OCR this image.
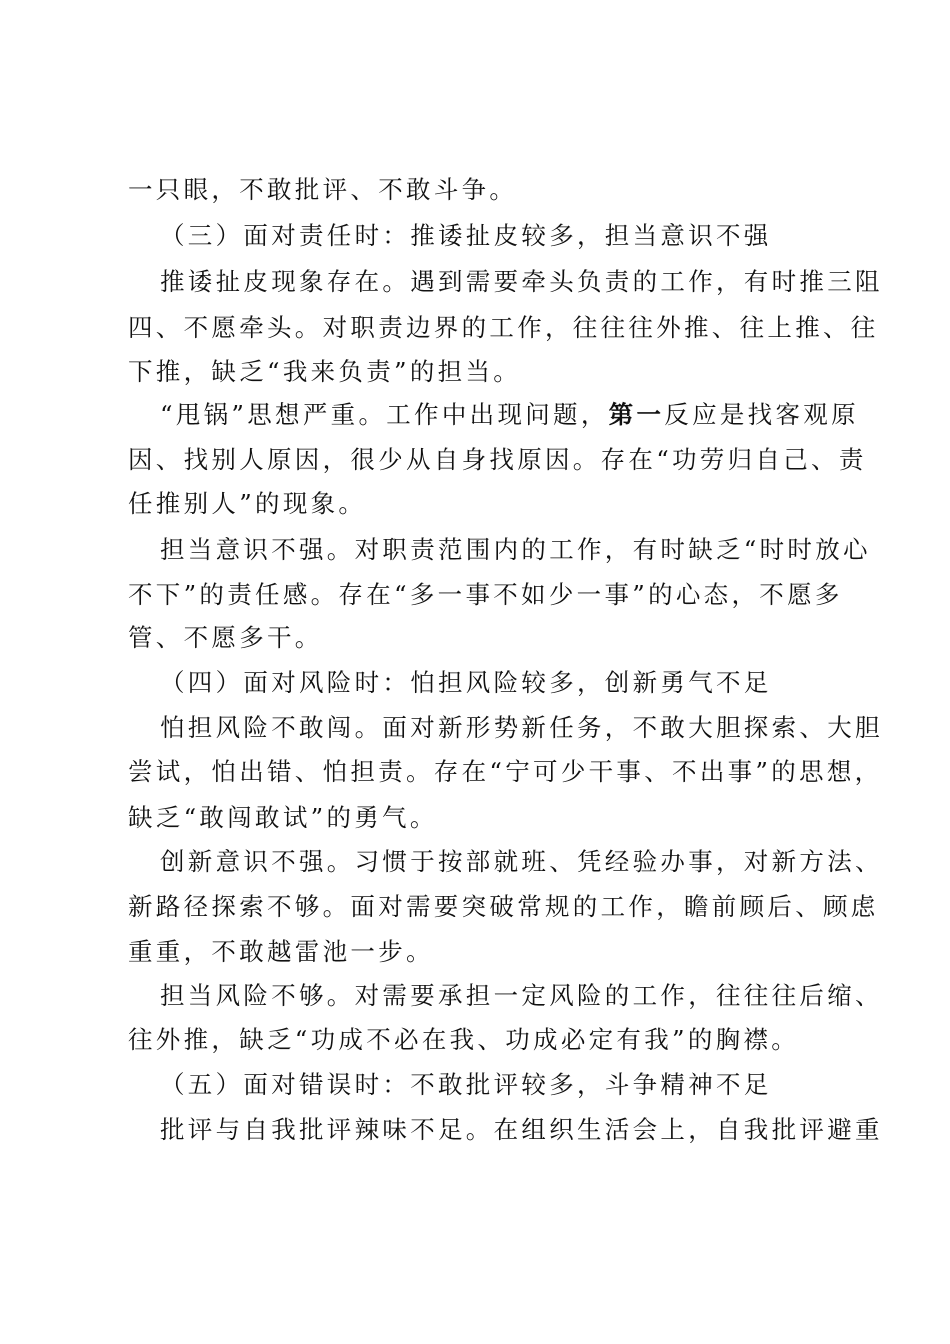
一只眼，不敢批评、不敢斗争。
（三）面对责任时：推诿扯皮较多，担当意识不强
推诿扯皮现象存在。遇到需要牵头负责的工作，有时推三阻
四、不愿牵头。对职责边界的工作，往往往外推、往上推、往
下推，缺乏“我来负责”的担当。
“甩锅”思想严重。工作中出现问题，第一反应是找客观原
因、找别人原因，很少从自身找原因。存在“功劳归自己、责
任推别人”的现象。
担当意识不强。对职责范围内的工作，有时缺乏“时时放心
不下”的责任感。存在“多一事不如少一事”的心态，不愿多
管、不愿多干。
（四）面对风险时：怕担风险较多，创新勇气不足
怕担风险不敢闯。面对新形势新任务，不敢大胆探索、大胆
尝试，怕出错、怕担责。存在“宁可少干事、不出事”的思想，
缺乏“敢闯敢试”的勇气。
创新意识不强。习惯于按部就班、凭经验办事，对新方法、
新路径探索不够。面对需要突破常规的工作，瞻前顾后、顾虑
重重，不敢越雷池一步。
担当风险不够。对需要承担一定风险的工作，往往往后缩、
往外推，缺乏“功成不必在我、功成必定有我”的胸襟。
（五）面对错误时：不敢批评较多，斗争精神不足
批评与自我批评辣味不足。在组织生活会上，自我批评避重
